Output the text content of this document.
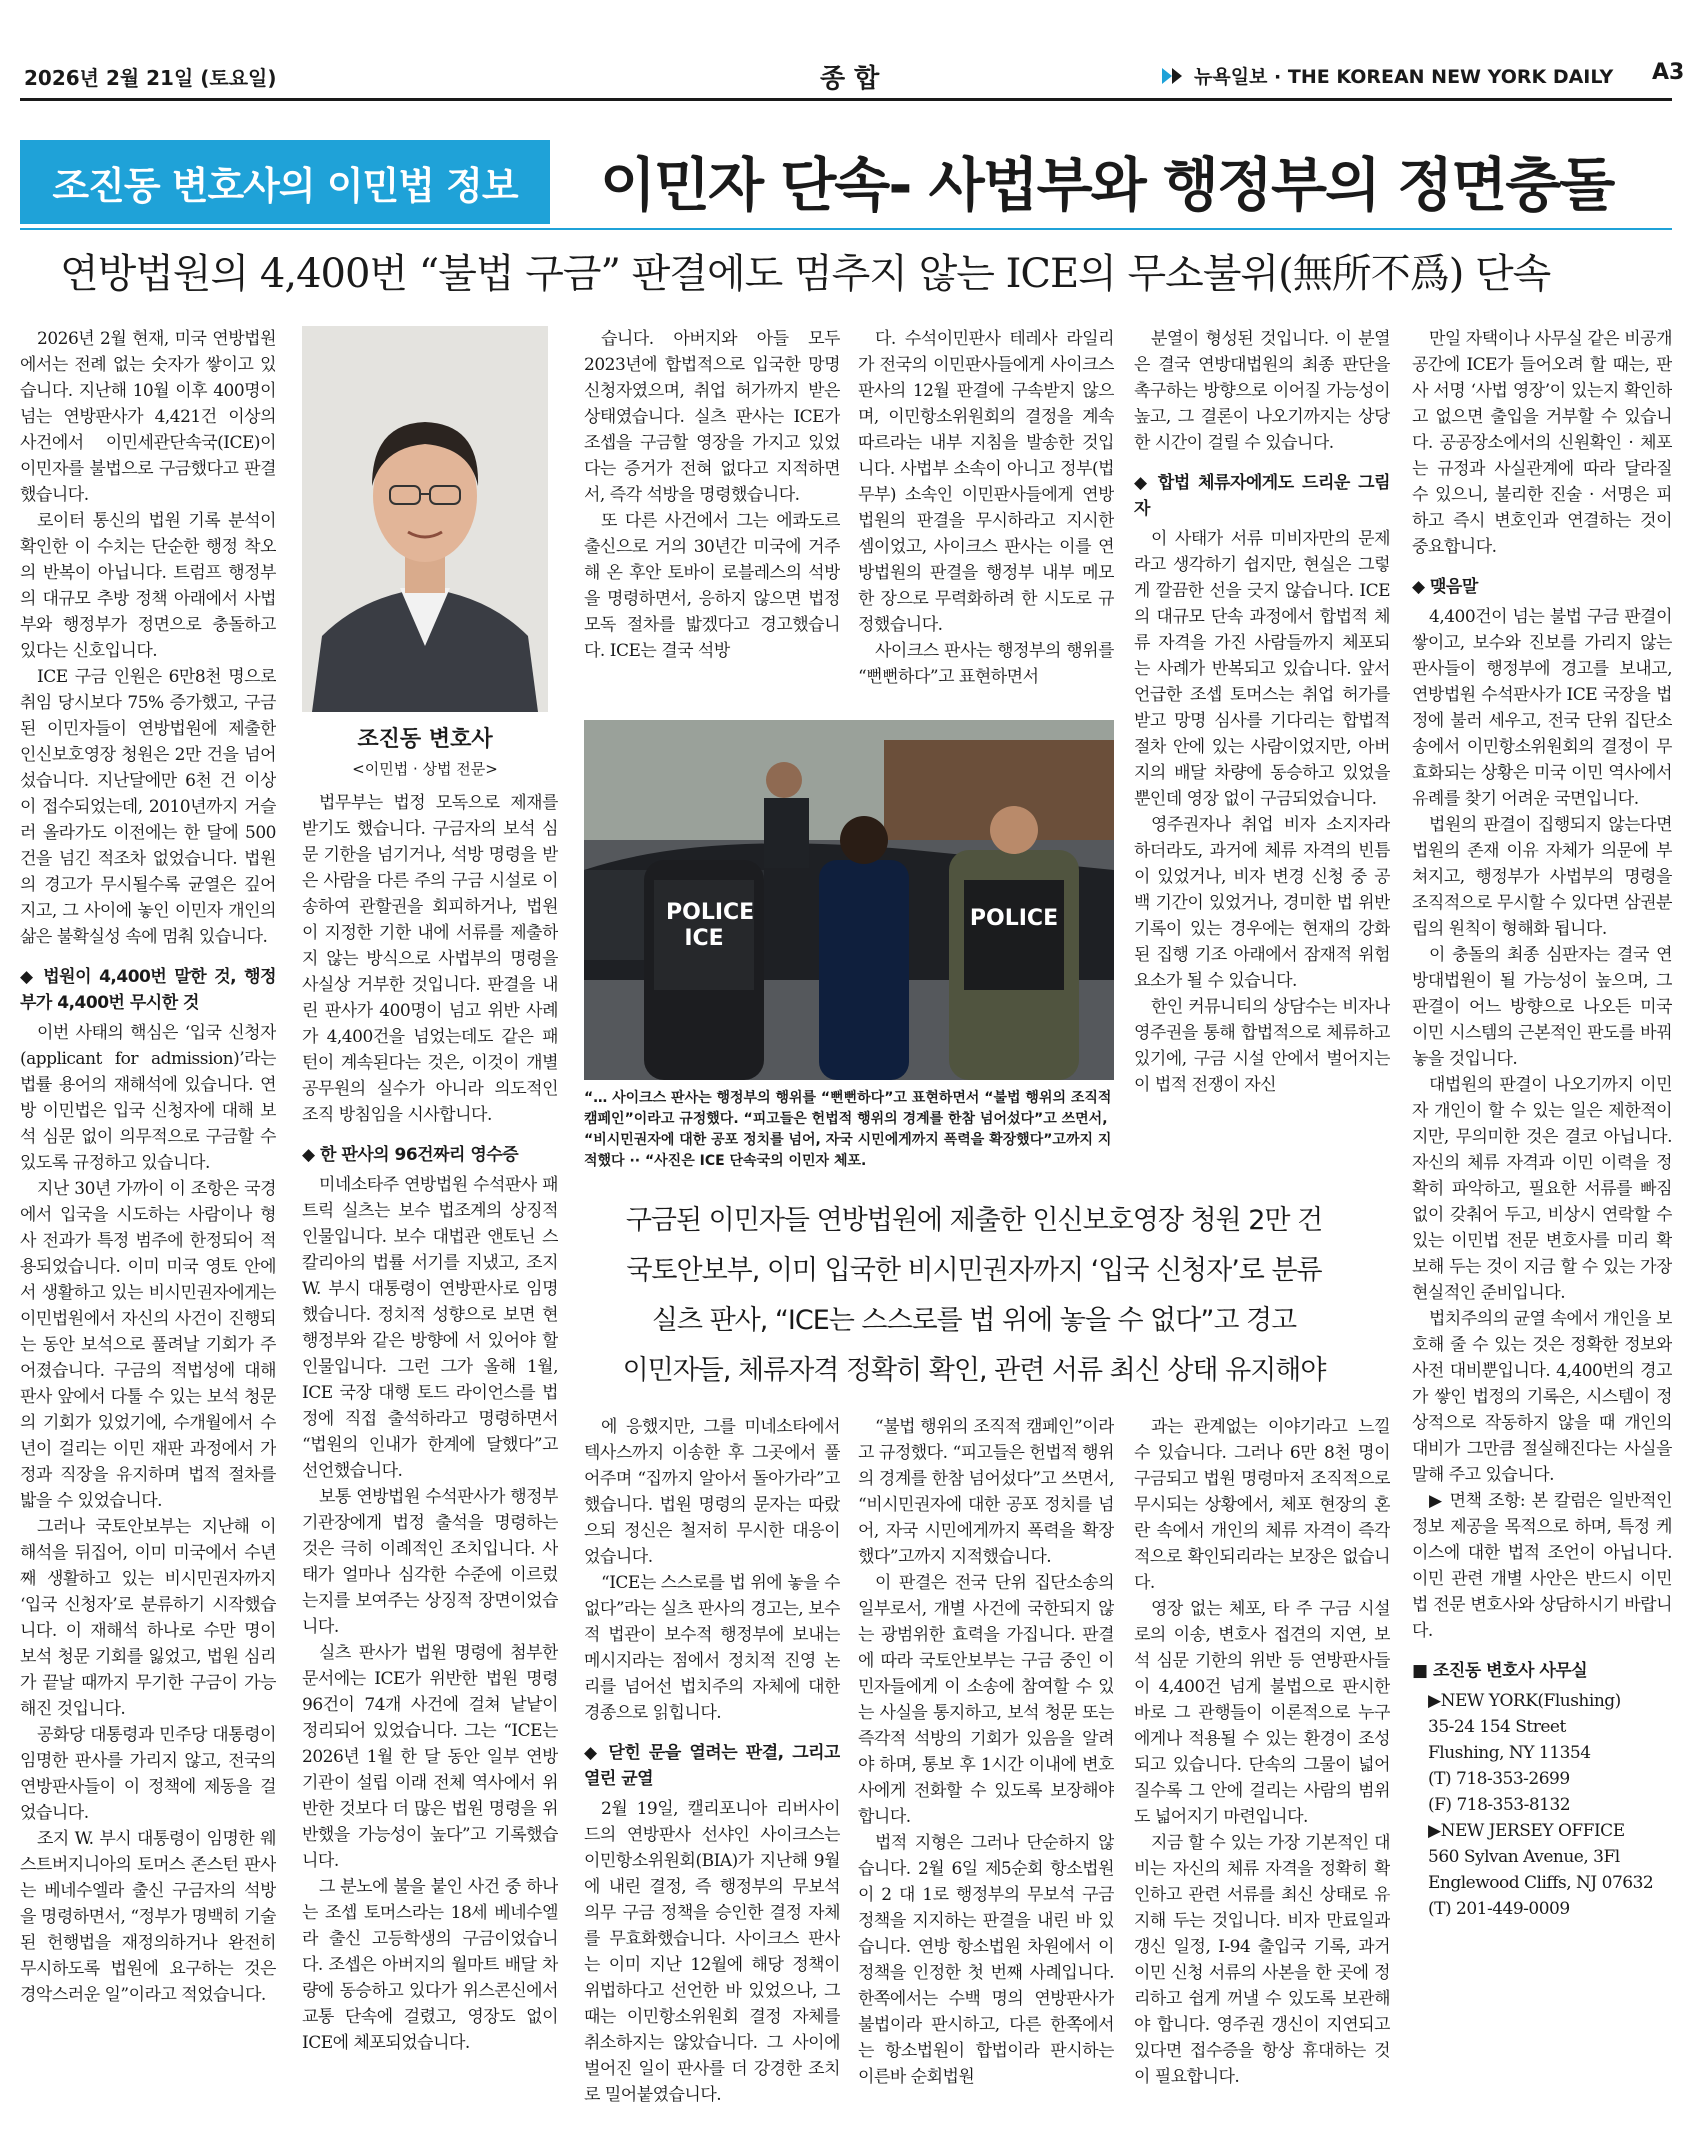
2026년 2월 21일 (토요일)	종 합	뉴욕일보 · THE KOREAN NEW YORK DAILY A3
조진동 변호사의 이민법 정보	이민자 단속- 사법부와 행정부의 정면충돌
연방법원의 4,400번 “불법 구금” 판결에도 멈추지 않는 ICE의 무소불위(無所不爲) 단속

2026년 2월 현재, 미국 연방법원에서는 전례 없는 숫자가 쌓이고 있습니다. 지난해 10월 이후 400명이 넘는 연방판사가 4,421건 이상의 사건에서 이민세관단속국(ICE)이 이민자를 불법으로 구금했다고 판결했습니다.

로이터 통신의 법원 기록 분석이 확인한 이 수치는 단순한 행정 착오의 반복이 아닙니다. 트럼프 행정부의 대규모 추방 정책 아래에서 사법부와 행정부가 정면으로 충돌하고 있다는 신호입니다.

ICE 구금 인원은 6만8천 명으로 취임 당시보다 75% 증가했고, 구금된 이민자들이 연방법원에 제출한 인신보호영장 청원은 2만 건을 넘어섰습니다. 지난달에만 6천 건 이상이 접수되었는데, 2010년까지 거슬러 올라가도 이전에는 한 달에 500건을 넘긴 적조차 없었습니다. 법원의 경고가 무시될수록 균열은 깊어지고, 그 사이에 놓인 이민자 개인의 삶은 불확실성 속에 멈춰 있습니다.

◆ 법원이 4,400번 말한 것, 행정부가 4,400번 무시한 것

이번 사태의 핵심은 ‘입국 신청자(applicant for admission)’라는 법률 용어의 재해석에 있습니다. 연방 이민법은 입국 신청자에 대해 보석 심문 없이 의무적으로 구금할 수 있도록 규정하고 있습니다.

지난 30년 가까이 이 조항은 국경에서 입국을 시도하는 사람이나 형사 전과가 특정 범주에 한정되어 적용되었습니다. 이미 미국 영토 안에서 생활하고 있는 비시민권자에게는 이민법원에서 자신의 사건이 진행되는 동안 보석으로 풀려날 기회가 주어졌습니다. 구금의 적법성에 대해 판사 앞에서 다툴 수 있는 보석 청문의 기회가 있었기에, 수개월에서 수년이 걸리는 이민 재판 과정에서 가정과 직장을 유지하며 법적 절차를 밟을 수 있었습니다.

그러나 국토안보부는 지난해 이 해석을 뒤집어, 이미 미국에서 수년째 생활하고 있는 비시민권자까지 ‘입국 신청자’로 분류하기 시작했습니다. 이 재해석 하나로 수만 명이 보석 청문 기회를 잃었고, 법원 심리가 끝날 때까지 무기한 구금이 가능해진 것입니다.

공화당 대통령과 민주당 대통령이 임명한 판사를 가리지 않고, 전국의 연방판사들이 이 정책에 제동을 걸었습니다.

조지 W. 부시 대통령이 임명한 웨스트버지니아의 토머스 존스턴 판사는 베네수엘라 출신 구금자의 석방을 명령하면서, “정부가 명백히 기술된 헌행법을 재정의하거나 완전히 무시하도록 법원에 요구하는 것은 경악스러운 일”이라고 적었습니다.

조진동 변호사
<이민법 · 상법 전문>

법무부는 법정 모독으로 제재를 받기도 했습니다. 구금자의 보석 심문 기한을 넘기거나, 석방 명령을 받은 사람을 다른 주의 구금 시설로 이송하여 관할권을 회피하거나, 법원이 지정한 기한 내에 서류를 제출하지 않는 방식으로 사법부의 명령을 사실상 거부한 것입니다. 판결을 내린 판사가 400명이 넘고 위반 사례가 4,400건을 넘었는데도 같은 패턴이 계속된다는 것은, 이것이 개별 공무원의 실수가 아니라 의도적인 조직 방침임을 시사합니다.

◆ 한 판사의 96건짜리 영수증

미네소타주 연방법원 수석판사 패트릭 실츠는 보수 법조계의 상징적 인물입니다. 보수 대법관 앤토닌 스칼리아의 법률 서기를 지냈고, 조지 W. 부시 대통령이 연방판사로 임명했습니다. 정치적 성향으로 보면 현 행정부와 같은 방향에 서 있어야 할 인물입니다. 그런 그가 올해 1월, ICE 국장 대행 토드 라이언스를 법정에 직접 출석하라고 명령하면서 “법원의 인내가 한계에 달했다”고 선언했습니다.

보통 연방법원 수석판사가 행정부 기관장에게 법정 출석을 명령하는 것은 극히 이례적인 조치입니다. 사태가 얼마나 심각한 수준에 이르렀는지를 보여주는 상징적 장면이었습니다.

실츠 판사가 법원 명령에 첨부한 문서에는 ICE가 위반한 법원 명령 96건이 74개 사건에 걸쳐 낱낱이 정리되어 있었습니다. 그는 “ICE는 2026년 1월 한 달 동안 일부 연방 기관이 설립 이래 전체 역사에서 위반한 것보다 더 많은 법원 명령을 위반했을 가능성이 높다”고 기록했습니다.

그 분노에 불을 붙인 사건 중 하나는 조셉 토머스라는 18세 베네수엘라 출신 고등학생의 구금이었습니다. 조셉은 아버지의 월마트 배달 차량에 동승하고 있다가 위스콘신에서 교통 단속에 걸렸고, 영장도 없이 ICE에 체포되었습니다.

습니다. 아버지와 아들 모두 2023년에 합법적으로 입국한 망명 신청자였으며, 취업 허가까지 받은 상태였습니다. 실츠 판사는 ICE가 조셉을 구금할 영장을 가지고 있었다는 증거가 전혀 없다고 지적하면서, 즉각 석방을 명령했습니다.

또 다른 사건에서 그는 에콰도르 출신으로 거의 30년간 미국에 거주해 온 후안 토바이 로블레스의 석방을 명령하면서, 응하지 않으면 법정 모독 절차를 밟겠다고 경고했습니다. ICE는 결국 석방

다. 수석이민판사 테레사 라일리가 전국의 이민판사들에게 사이크스 판사의 12월 판결에 구속받지 않으며, 이민항소위원회의 결정을 계속 따르라는 내부 지침을 발송한 것입니다. 사법부 소속이 아니고 정부(법무부) 소속인 이민판사들에게 연방법원의 판결을 무시하라고 지시한 셈이었고, 사이크스 판사는 이를 연방법원의 판결을 행정부 내부 메모 한 장으로 무력화하려 한 시도로 규정했습니다.

사이크스 판사는 행정부의 행위를 “뻔뻔하다”고 표현하면서

POLICE ICE
POLICE
“… 사이크스 판사는 행정부의 행위를 “뻔뻔하다”고 표현하면서 “불법 행위의 조직적 캠페인”이라고 규정했다. “피고들은 헌법적 행위의 경계를 한참 넘어섰다”고 쓰면서, “비시민권자에 대한 공포 정치를 넘어, 자국 시민에게까지 폭력을 확장했다”고까지 지적했다 ·· “사진은 ICE 단속국의 이민자 체포.

분열이 형성된 것입니다. 이 분열은 결국 연방대법원의 최종 판단을 촉구하는 방향으로 이어질 가능성이 높고, 그 결론이 나오기까지는 상당한 시간이 걸릴 수 있습니다.

◆ 합법 체류자에게도 드리운 그림자

이 사태가 서류 미비자만의 문제라고 생각하기 쉽지만, 현실은 그렇게 깔끔한 선을 긋지 않습니다. ICE의 대규모 단속 과정에서 합법적 체류 자격을 가진 사람들까지 체포되는 사례가 반복되고 있습니다. 앞서 언급한 조셉 토머스는 취업 허가를 받고 망명 심사를 기다리는 합법적 절차 안에 있는 사람이었지만, 아버지의 배달 차량에 동승하고 있었을 뿐인데 영장 없이 구금되었습니다.

영주권자나 취업 비자 소지자라 하더라도, 과거에 체류 자격의 빈틈이 있었거나, 비자 변경 신청 중 공백 기간이 있었거나, 경미한 법 위반 기록이 있는 경우에는 현재의 강화된 집행 기조 아래에서 잠재적 위험 요소가 될 수 있습니다.

한인 커뮤니티의 상담수는 비자나 영주권을 통해 합법적으로 체류하고 있기에, 구금 시설 안에서 벌어지는 이 법적 전쟁이 자신

구금된 이민자들 연방법원에 제출한 인신보호영장 청원 2만 건
국토안보부, 이미 입국한 비시민권자까지 ‘입국 신청자’로 분류
실츠 판사, “ICE는 스스로를 법 위에 놓을 수 없다”고 경고
이민자들, 체류자격 정확히 확인, 관련 서류 최신 상태 유지해야

에 응했지만, 그를 미네소타에서 텍사스까지 이송한 후 그곳에서 풀어주며 “집까지 알아서 돌아가라”고 했습니다. 법원 명령의 문자는 따랐으되 정신은 철저히 무시한 대응이었습니다.

“ICE는 스스로를 법 위에 놓을 수 없다”라는 실츠 판사의 경고는, 보수적 법관이 보수적 행정부에 보내는 메시지라는 점에서 정치적 진영 논리를 넘어선 법치주의 자체에 대한 경종으로 읽힙니다.

◆ 닫힌 문을 열려는 판결, 그리고 열린 균열

2월 19일, 캘리포니아 리버사이드의 연방판사 선샤인 사이크스는 이민항소위원회(BIA)가 지난해 9월에 내린 결정, 즉 행정부의 무보석 의무 구금 정책을 승인한 결정 자체를 무효화했습니다. 사이크스 판사는 이미 지난 12월에 해당 정책이 위법하다고 선언한 바 있었으나, 그때는 이민항소위원회 결정 자체를 취소하지는 않았습니다. 그 사이에 벌어진 일이 판사를 더 강경한 조치로 밀어붙였습니다.

“불법 행위의 조직적 캠페인”이라고 규정했다. “피고들은 헌법적 행위의 경계를 한참 넘어섰다”고 쓰면서, “비시민권자에 대한 공포 정치를 넘어, 자국 시민에게까지 폭력을 확장했다”고까지 지적했습니다.

이 판결은 전국 단위 집단소송의 일부로서, 개별 사건에 국한되지 않는 광범위한 효력을 가집니다. 판결에 따라 국토안보부는 구금 중인 이민자들에게 이 소송에 참여할 수 있는 사실을 통지하고, 보석 청문 또는 즉각적 석방의 기회가 있음을 알려야 하며, 통보 후 1시간 이내에 변호사에게 전화할 수 있도록 보장해야 합니다.

법적 지형은 그러나 단순하지 않습니다. 2월 6일 제5순회 항소법원이 2 대 1로 행정부의 무보석 구금 정책을 지지하는 판결을 내린 바 있습니다. 연방 항소법원 차원에서 이 정책을 인정한 첫 번째 사례입니다. 한쪽에서는 수백 명의 연방판사가 불법이라 판시하고, 다른 한쪽에서는 항소법원이 합법이라 판시하는 이른바 순회법원

과는 관계없는 이야기라고 느낄 수 있습니다. 그러나 6만 8천 명이 구금되고 법원 명령마저 조직적으로 무시되는 상황에서, 체포 현장의 혼란 속에서 개인의 체류 자격이 즉각적으로 확인되리라는 보장은 없습니다.

영장 없는 체포, 타 주 구금 시설로의 이송, 변호사 접견의 지연, 보석 심문 기한의 위반 등 연방판사들이 4,400건 넘게 불법으로 판시한 바로 그 관행들이 이론적으로 누구에게나 적용될 수 있는 환경이 조성되고 있습니다. 단속의 그물이 넓어질수록 그 안에 걸리는 사람의 범위도 넓어지기 마련입니다.

지금 할 수 있는 가장 기본적인 대비는 자신의 체류 자격을 정확히 확인하고 관련 서류를 최신 상태로 유지해 두는 것입니다. 비자 만료일과 갱신 일정, I-94 출입국 기록, 과거 이민 신청 서류의 사본을 한 곳에 정리하고 쉽게 꺼낼 수 있도록 보관해야 합니다. 영주권 갱신이 지연되고 있다면 접수증을 항상 휴대하는 것이 필요합니다.

만일 자택이나 사무실 같은 비공개 공간에 ICE가 들어오려 할 때는, 판사 서명 ‘사법 영장’이 있는지 확인하고 없으면 출입을 거부할 수 있습니다. 공공장소에서의 신원확인 · 체포는 규정과 사실관계에 따라 달라질 수 있으니, 불리한 진술 · 서명은 피하고 즉시 변호인과 연결하는 것이 중요합니다.

◆ 맺음말

4,400건이 넘는 불법 구금 판결이 쌓이고, 보수와 진보를 가리지 않는 판사들이 행정부에 경고를 보내고, 연방법원 수석판사가 ICE 국장을 법정에 불러 세우고, 전국 단위 집단소송에서 이민항소위원회의 결정이 무효화되는 상황은 미국 이민 역사에서 유례를 찾기 어려운 국면입니다.

법원의 판결이 집행되지 않는다면 법원의 존재 이유 자체가 의문에 부쳐지고, 행정부가 사법부의 명령을 조직적으로 무시할 수 있다면 삼권분립의 원칙이 형해화 됩니다.

이 충돌의 최종 심판자는 결국 연방대법원이 될 가능성이 높으며, 그 판결이 어느 방향으로 나오든 미국 이민 시스템의 근본적인 판도를 바꿔 놓을 것입니다.

대법원의 판결이 나오기까지 이민자 개인이 할 수 있는 일은 제한적이지만, 무의미한 것은 결코 아닙니다. 자신의 체류 자격과 이민 이력을 정확히 파악하고, 필요한 서류를 빠짐없이 갖춰어 두고, 비상시 연락할 수 있는 이민법 전문 변호사를 미리 확보해 두는 것이 지금 할 수 있는 가장 현실적인 준비입니다.

법치주의의 균열 속에서 개인을 보호해 줄 수 있는 것은 정확한 정보와 사전 대비뿐입니다. 4,400번의 경고가 쌓인 법정의 기록은, 시스템이 정상적으로 작동하지 않을 때 개인의 대비가 그만큼 절실해진다는 사실을 말해 주고 있습니다.

▶ 면책 조항: 본 칼럼은 일반적인 정보 제공을 목적으로 하며, 특정 케이스에 대한 법적 조언이 아닙니다. 이민 관련 개별 사안은 반드시 이민법 전문 변호사와 상담하시기 바랍니다.

■ 조진동 변호사 사무실

▶NEW YORK(Flushing)

35-24 154 Street

Flushing, NY 11354

(T) 718-353-2699

(F) 718-353-8132

▶NEW JERSEY OFFICE

560 Sylvan Avenue, 3Fl

Englewood Cliffs, NJ 07632

(T) 201-449-0009
